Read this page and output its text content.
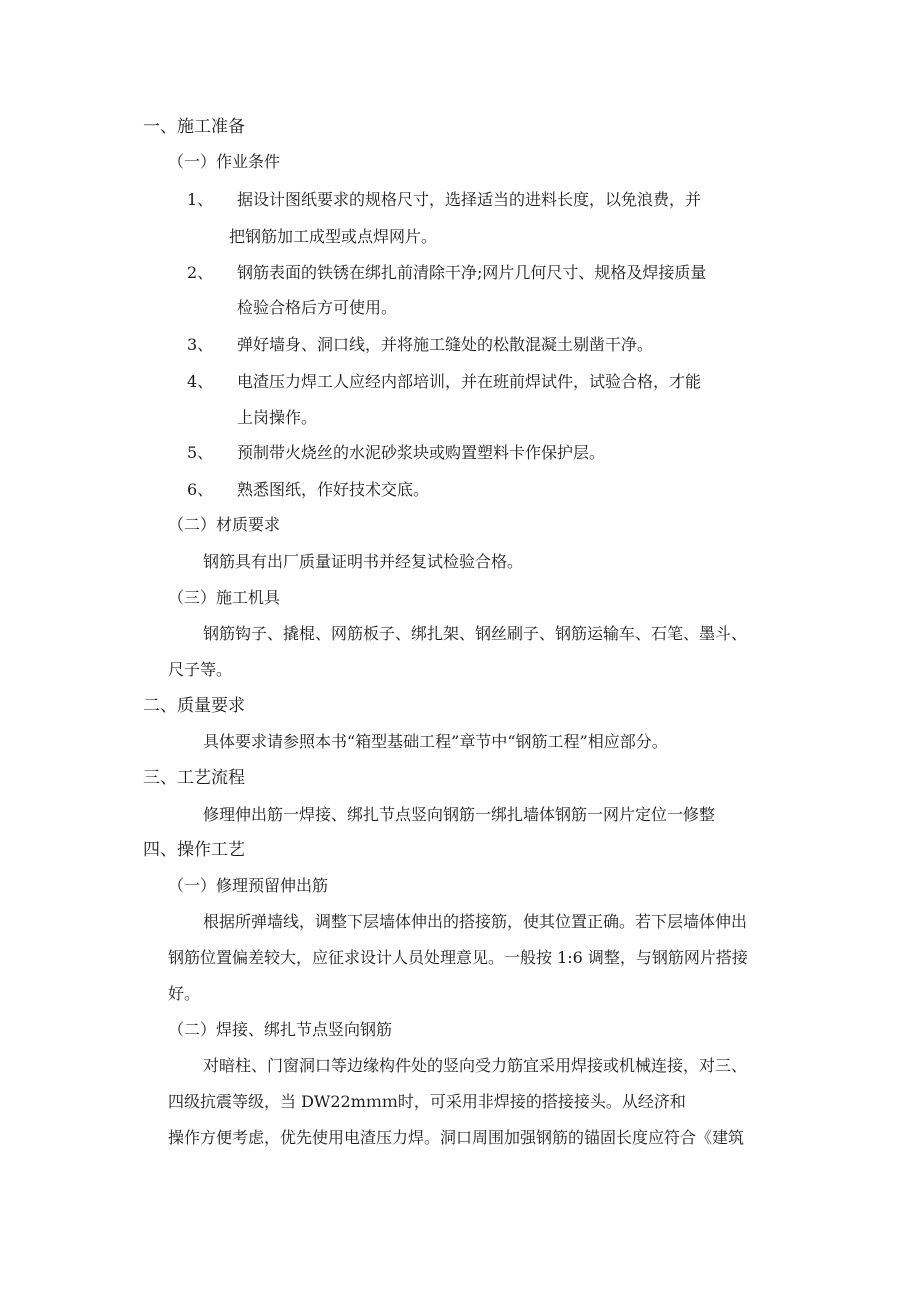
一、施工准备
（一）作业条件
1、 据设计图纸要求的规格尺寸，选择适当的进料长度，以免浪费，并
把钢筋加工成型或点焊网片。
2、 钢筋表面的铁锈在绑扎前清除干净;网片几何尺寸、规格及焊接质量
检验合格后方可使用。
3、 弹好墙身、洞口线，并将施工缝处的松散混凝土剔凿干净。
4、 电渣压力焊工人应经内部培训，并在班前焊试件，试验合格，才能
上岗操作。
5、 预制带火烧丝的水泥砂浆块或购置塑料卡作保护层。
6、 熟悉图纸，作好技术交底。
（二）材质要求
钢筋具有出厂质量证明书并经复试检验合格。
（三）施工机具
钢筋钩子、撬棍、网筋板子、绑扎架、钢丝刷子、钢筋运输车、石笔、墨斗、
尺子等。
二、质量要求
具体要求请参照本书“箱型基础工程”章节中“钢筋工程”相应部分。
三、工艺流程
修理伸出筋一焊接、绑扎节点竖向钢筋一绑扎墙体钢筋一网片定位一修整
四、操作工艺
（一）修理预留伸出筋
根据所弹墙线，调整下层墙体伸出的搭接筋，使其位置正确。若下层墙体伸出
钢筋位置偏差较大，应征求设计人员处理意见。一般按 1:6 调整，与钢筋网片搭接
好。
（二）焊接、绑扎节点竖向钢筋
对暗柱、门窗洞口等边缘构件处的竖向受力筋宜采用焊接或机械连接，对三、
四级抗震等级，当 DW22mｍｍ时，可采用非焊接的搭接接头。从经济和
操作方便考虑，优先使用电渣压力焊。洞口周围加强钢筋的锚固长度应符合《建筑
